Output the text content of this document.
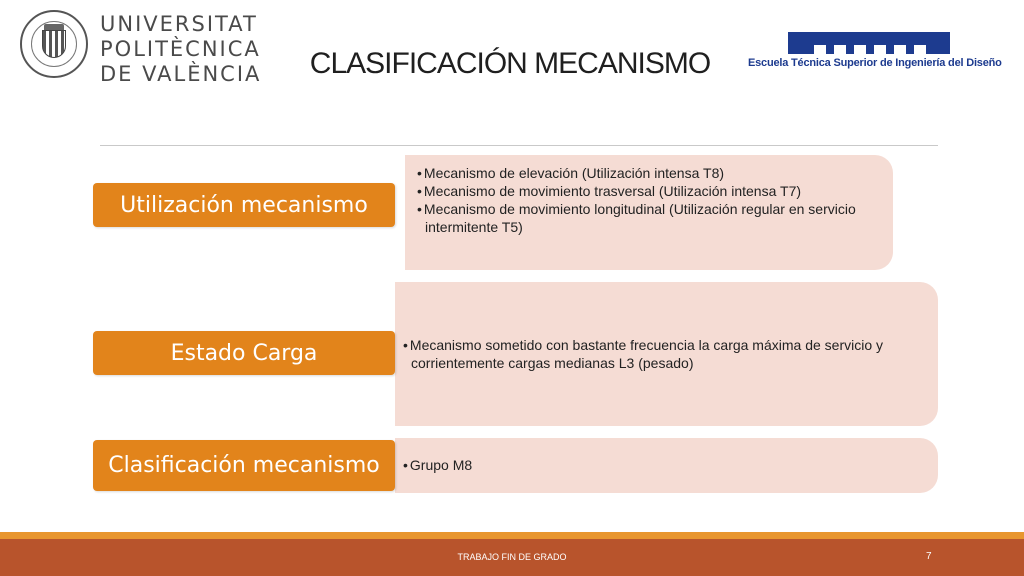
UNIVERSITAT
POLITÈCNICA
DE VALÈNCIA	CLASIFICACIÓN MECANISMO	Escuela Técnica Superior de Ingeniería del Diseño
• Mecanismo de elevación (Utilización intensa T8)
• Mecanismo de movimiento trasversal (Utilización intensa T7)
• Mecanismo de movimiento longitudinal (Utilización regular en servicio intermitente T5)
Utilización mecanismo
• Mecanismo sometido con bastante frecuencia la carga máxima de servicio y corrientemente cargas medianas L3 (pesado)
Estado Carga
• Grupo M8
Clasificación mecanismo
TRABAJO FIN DE GRADO	7
